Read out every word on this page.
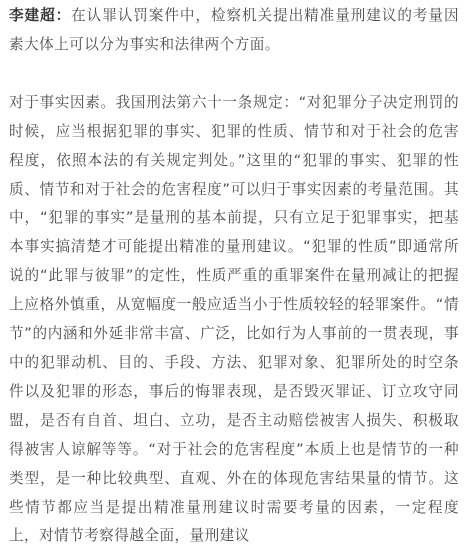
李建超：在认罪认罚案件中，检察机关提出精准量刑建议的考量因素大体上可以分为事实和法律两个方面。

对于事实因素。我国刑法第六十一条规定：“对犯罪分子决定刑罚的时候，应当根据犯罪的事实、犯罪的性质、情节和对于社会的危害程度，依照本法的有关规定判处。”这里的“犯罪的事实、犯罪的性质、情节和对于社会的危害程度”可以归于事实因素的考量范围。其中，“犯罪的事实”是量刑的基本前提，只有立足于犯罪事实，把基本事实搞清楚才可能提出精准的量刑建议。“犯罪的性质”即通常所说的“此罪与彼罪”的定性，性质严重的重罪案件在量刑减让的把握上应格外慎重，从宽幅度一般应适当小于性质较轻的轻罪案件。“情节”的内涵和外延非常丰富、广泛，比如行为人事前的一贯表现，事中的犯罪动机、目的、手段、方法、犯罪对象、犯罪所处的时空条件以及犯罪的形态，事后的悔罪表现，是否毁灭罪证、订立攻守同盟，是否有自首、坦白、立功，是否主动赔偿被害人损失、积极取得被害人谅解等等。“对于社会的危害程度”本质上也是情节的一种类型，是一种比较典型、直观、外在的体现危害结果量的情节。这些情节都应当是提出精准量刑建议时需要考量的因素，一定程度上，对情节考察得越全面，量刑建议
